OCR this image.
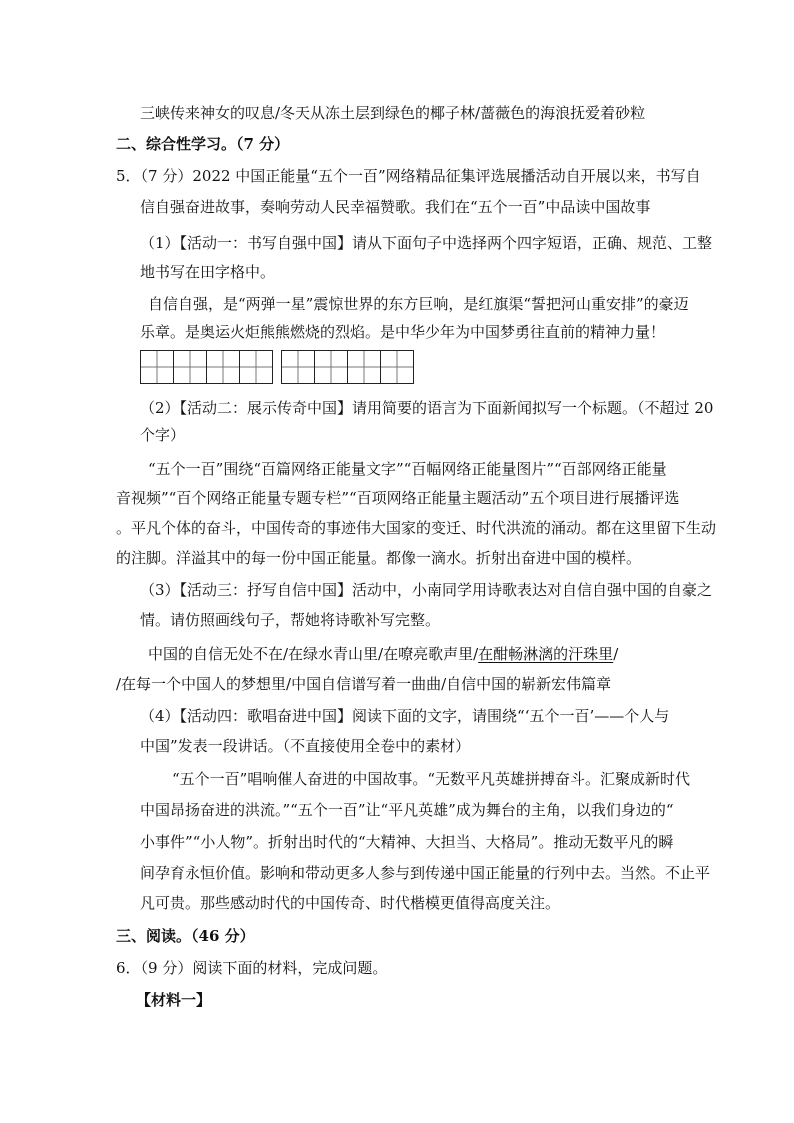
三峡传来神女的叹息/冬天从冻土层到绿色的椰子林/蔷薇色的海浪抚爱着砂粒
二、综合性学习。（7 分）
5．（7 分）2022 中国正能量“五个一百”网络精品征集评选展播活动自开展以来，书写自
信自强奋进故事，奏响劳动人民幸福赞歌。我们在“五个一百”中品读中国故事
（1）【活动一：书写自强中国】请从下面句子中选择两个四字短语，正确、规范、工整
地书写在田字格中。
自信自强，是“两弹一星”震惊世界的东方巨响，是红旗渠“誓把河山重安排”的豪迈
乐章。是奥运火炬熊熊燃烧的烈焰。是中华少年为中国梦勇往直前的精神力量！
（2）【活动二：展示传奇中国】请用简要的语言为下面新闻拟写一个标题。（不超过 20
个字）
“五个一百”围绕“百篇网络正能量文字”“百幅网络正能量图片”“百部网络正能量
音视频”“百个网络正能量专题专栏”“百项网络正能量主题活动”五个项目进行展播评选
。平凡个体的奋斗，中国传奇的事迹伟大国家的变迁、时代洪流的涌动。都在这里留下生动
的注脚。洋溢其中的每一份中国正能量。都像一滴水。折射出奋进中国的模样。
（3）【活动三：抒写自信中国】活动中，小南同学用诗歌表达对自信自强中国的自豪之
情。请仿照画线句子，帮她将诗歌补写完整。
中国的自信无处不在/在绿水青山里/在嘹亮歌声里/在酣畅淋漓的汗珠里/
/在每一个中国人的梦想里/中国自信谱写着一曲曲/自信中国的崭新宏伟篇章
（4）【活动四：歌唱奋进中国】阅读下面的文字，请围绕“‘五个一百’——个人与
中国”发表一段讲话。（不直接使用全卷中的素材）
“五个一百”唱响催人奋进的中国故事。“无数平凡英雄拼搏奋斗。汇聚成新时代
中国昂扬奋进的洪流。”“五个一百”让“平凡英雄”成为舞台的主角，以我们身边的“
小事件”“小人物”。折射出时代的“大精神、大担当、大格局”。推动无数平凡的瞬
间孕育永恒价值。影响和带动更多人参与到传递中国正能量的行列中去。当然。不止平
凡可贵。那些感动时代的中国传奇、时代楷模更值得高度关注。
三、阅读。（46 分）
6．（9 分）阅读下面的材料，完成问题。
【材料一】
